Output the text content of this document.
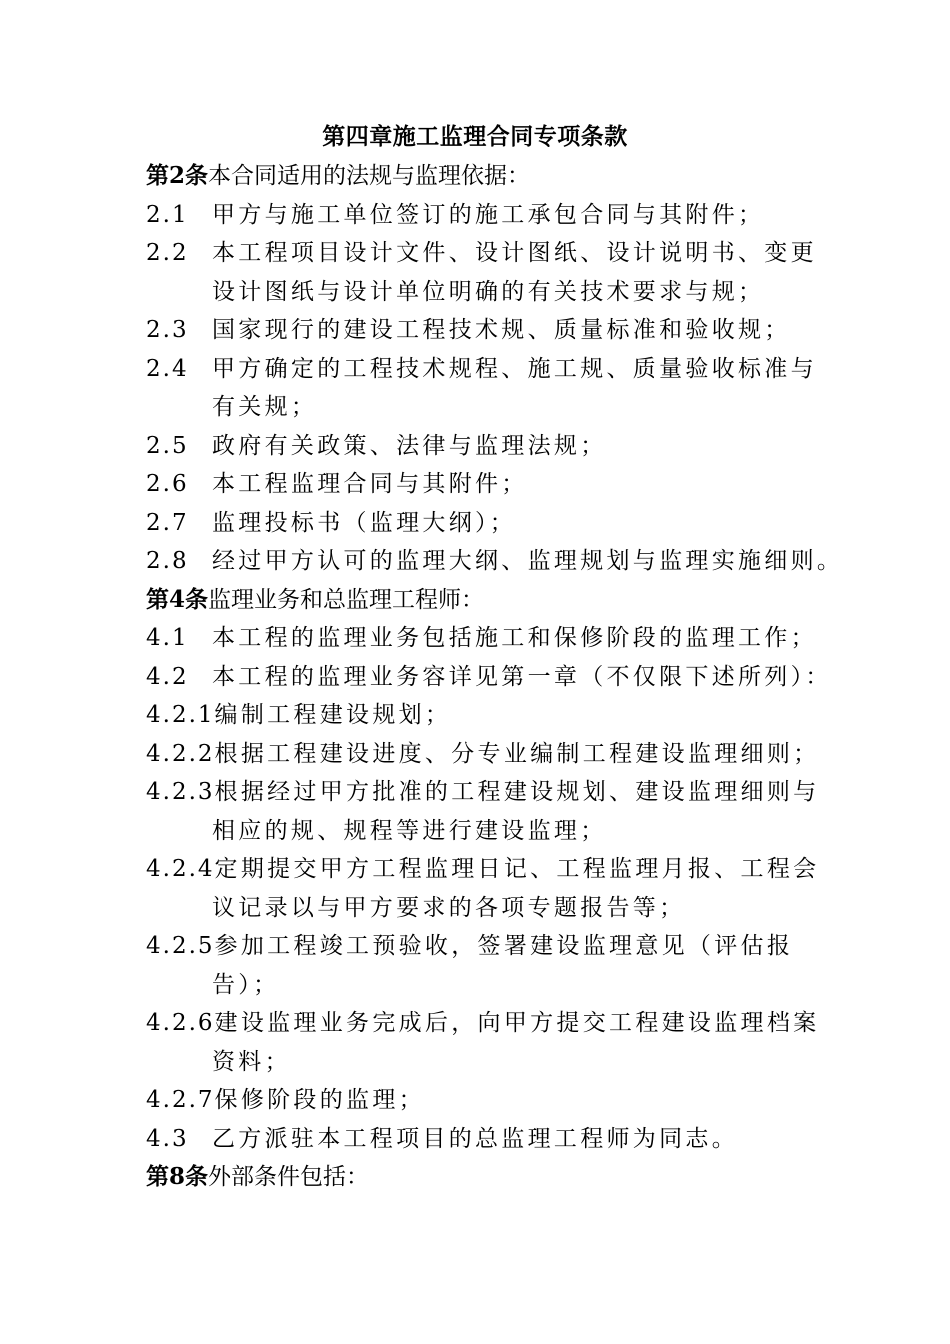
第四章施工监理合同专项条款
第2条本合同适用的法规与监理依据：
2.1	甲方与施工单位签订的施工承包合同与其附件；
2.2	本工程项目设计文件、设计图纸、设计说明书、变更
设计图纸与设计单位明确的有关技术要求与规；
2.3	国家现行的建设工程技术规、质量标准和验收规；
2.4	甲方确定的工程技术规程、施工规、质量验收标准与
有关规；
2.5	政府有关政策、法律与监理法规；
2.6	本工程监理合同与其附件；
2.7	监理投标书（监理大纲）；
2.8	经过甲方认可的监理大纲、监理规划与监理实施细则。
第4条监理业务和总监理工程师：
4.1	本工程的监理业务包括施工和保修阶段的监理工作；
4.2	本工程的监理业务容详见第一章（不仅限下述所列）：
4.2.1 编制工程建设规划；
4.2.2 根据工程建设进度、分专业编制工程建设监理细则；
4.2.3 根据经过甲方批准的工程建设规划、建设监理细则与
相应的规、规程等进行建设监理；
4.2.4 定期提交甲方工程监理日记、工程监理月报、工程会
议记录以与甲方要求的各项专题报告等；
4.2.5 参加工程竣工预验收，签署建设监理意见（评估报
告）；
4.2.6 建设监理业务完成后，向甲方提交工程建设监理档案
资料；
4.2.7 保修阶段的监理；
4.3	乙方派驻本工程项目的总监理工程师为同志。
第8条外部条件包括：
